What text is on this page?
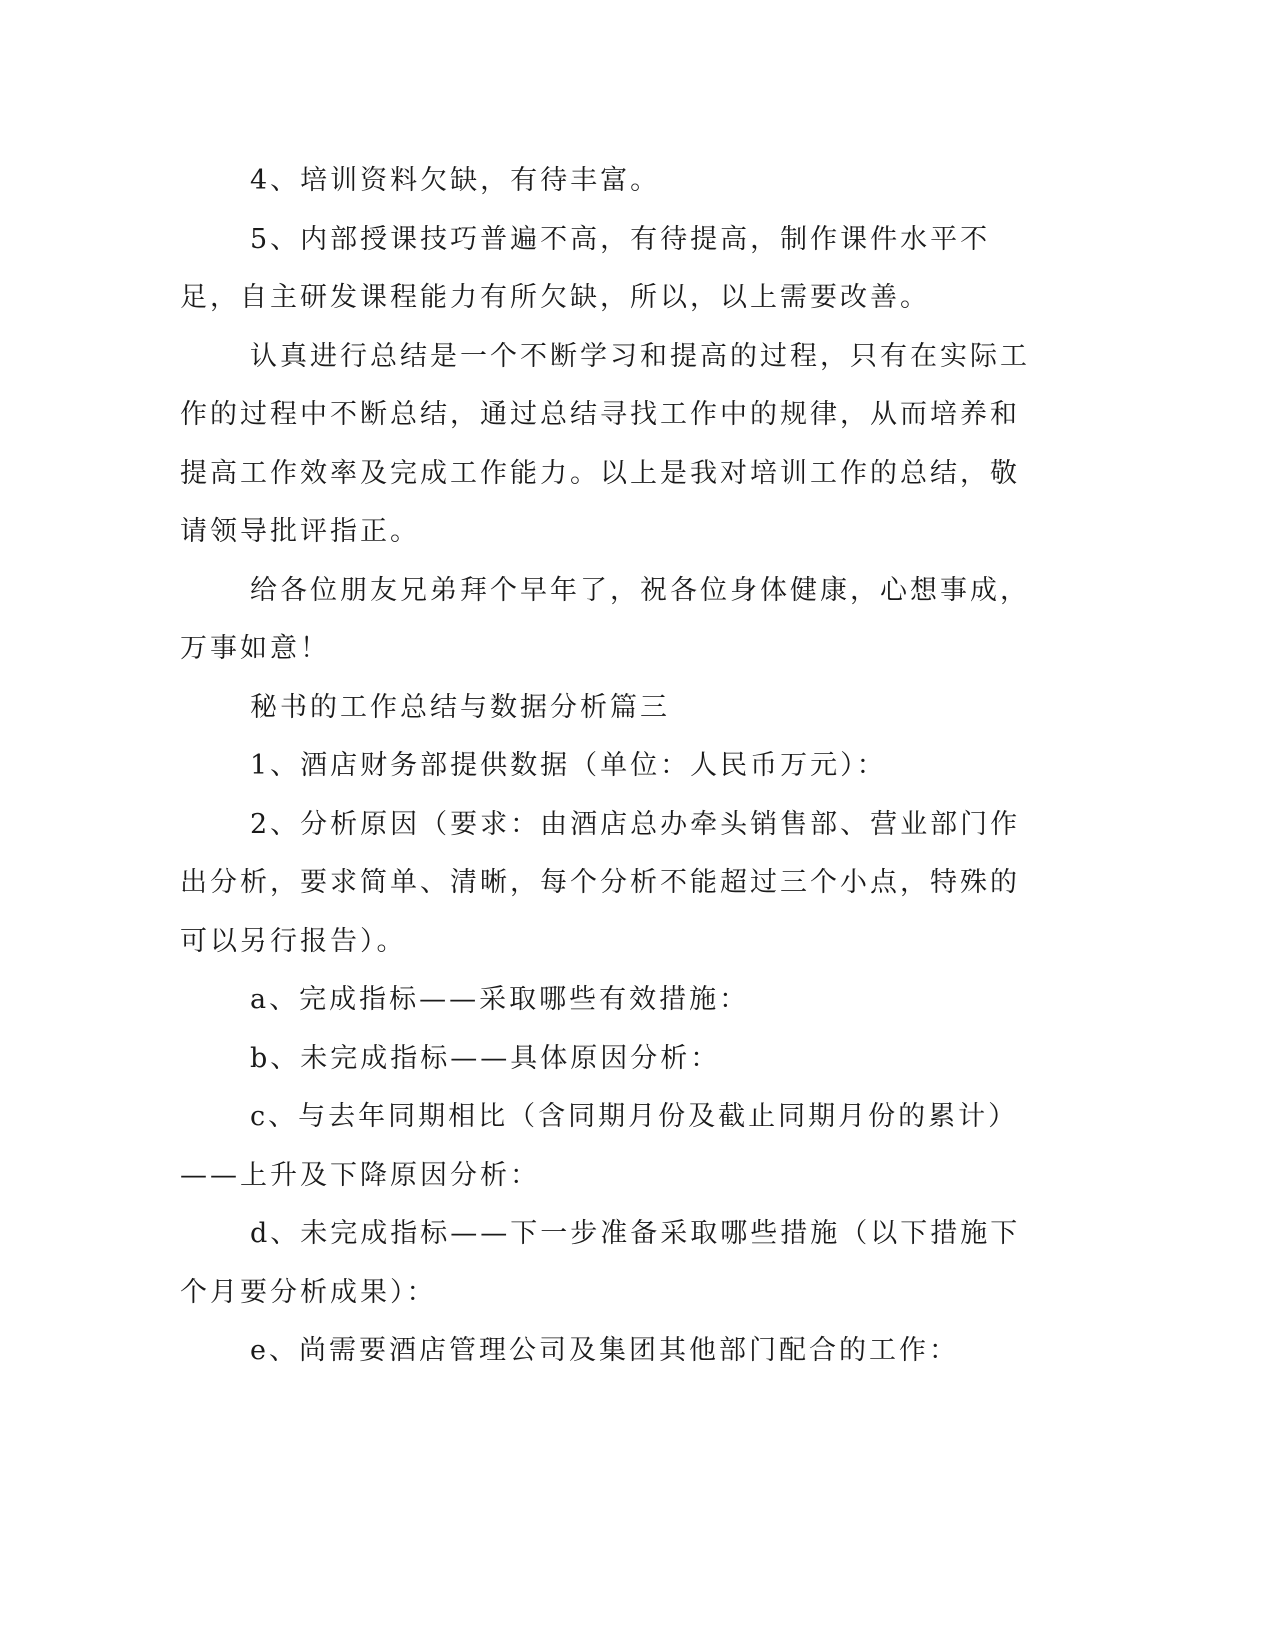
4、培训资料欠缺，有待丰富。

5、内部授课技巧普遍不高，有待提高，制作课件水平不足，自主研发课程能力有所欠缺，所以，以上需要改善。

认真进行总结是一个不断学习和提高的过程，只有在实际工作的过程中不断总结，通过总结寻找工作中的规律，从而培养和提高工作效率及完成工作能力。以上是我对培训工作的总结，敬请领导批评指正。

给各位朋友兄弟拜个早年了，祝各位身体健康，心想事成，万事如意！

秘书的工作总结与数据分析篇三

1、酒店财务部提供数据（单位：人民币万元）：

2、分析原因（要求：由酒店总办牵头销售部、营业部门作出分析，要求简单、清晰，每个分析不能超过三个小点，特殊的可以另行报告）。

a、完成指标——采取哪些有效措施：

b、未完成指标——具体原因分析：

c、与去年同期相比（含同期月份及截止同期月份的累计）——上升及下降原因分析：

d、未完成指标——下一步准备采取哪些措施（以下措施下个月要分析成果）：

e、尚需要酒店管理公司及集团其他部门配合的工作：
